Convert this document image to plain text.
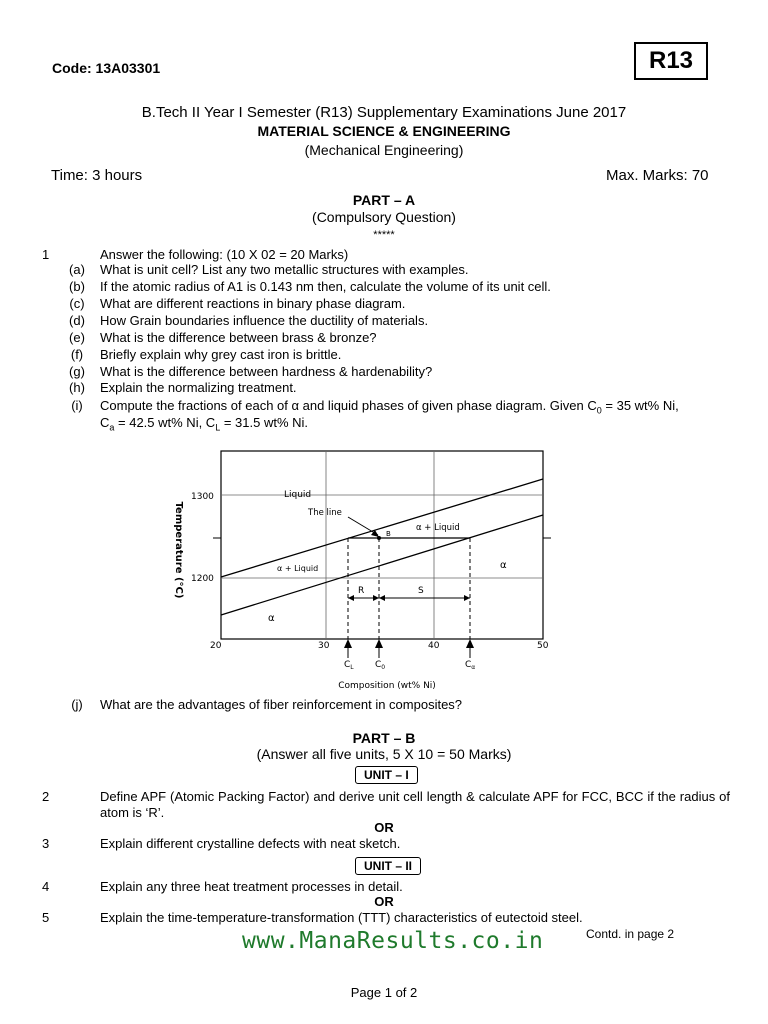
Code: 13A03301	R13
B.Tech II Year I Semester (R13) Supplementary Examinations June 2017
MATERIAL SCIENCE & ENGINEERING
(Mechanical Engineering)
Time: 3 hours	Max. Marks: 70
PART – A
(Compulsory Question)
*****
1	Answer the following: (10 X 02 = 20 Marks)
(a)	What is unit cell? List any two metallic structures with examples.
(b)	If the atomic radius of A1 is 0.143 nm then, calculate the volume of its unit cell.
(c)	What are different reactions in binary phase diagram.
(d)	How Grain boundaries influence the ductility of materials.
(e)	What is the difference between brass & bronze?
(f)	Briefly explain why grey cast iron is brittle.
(g)	What is the difference between hardness & hardenability?
(h)	Explain the normalizing treatment.
(i)	Compute the fractions of each of α and liquid phases of given phase diagram. Given $C_0 = 35$ wt% Ni,
$C_a = 42.5$ wt% Ni, $C_L = 31.5$ wt% Ni.
1300
1200
20	30	40	50
Temperature (°C)
Composition (wt% Ni)
Liquid
The line
B
α + Liquid
α + Liquid	α
α
R	S
$C_L$ $C_0$	$C_\alpha$
(j)	What are the advantages of fiber reinforcement in composites?
PART – B
(Answer all five units, 5 X 10 = 50 Marks)
UNIT – I
2	Define APF (Atomic Packing Factor) and derive unit cell length & calculate APF for FCC, BCC if the radius of atom is ‘R’.
OR
3	Explain different crystalline defects with neat sketch.
UNIT – II
4	Explain any three heat treatment processes in detail.
OR
5	Explain the time-temperature-transformation (TTT) characteristics of eutectoid steel.
www.ManaResults.co.in	Contd. in page 2
Page 1 of 2
